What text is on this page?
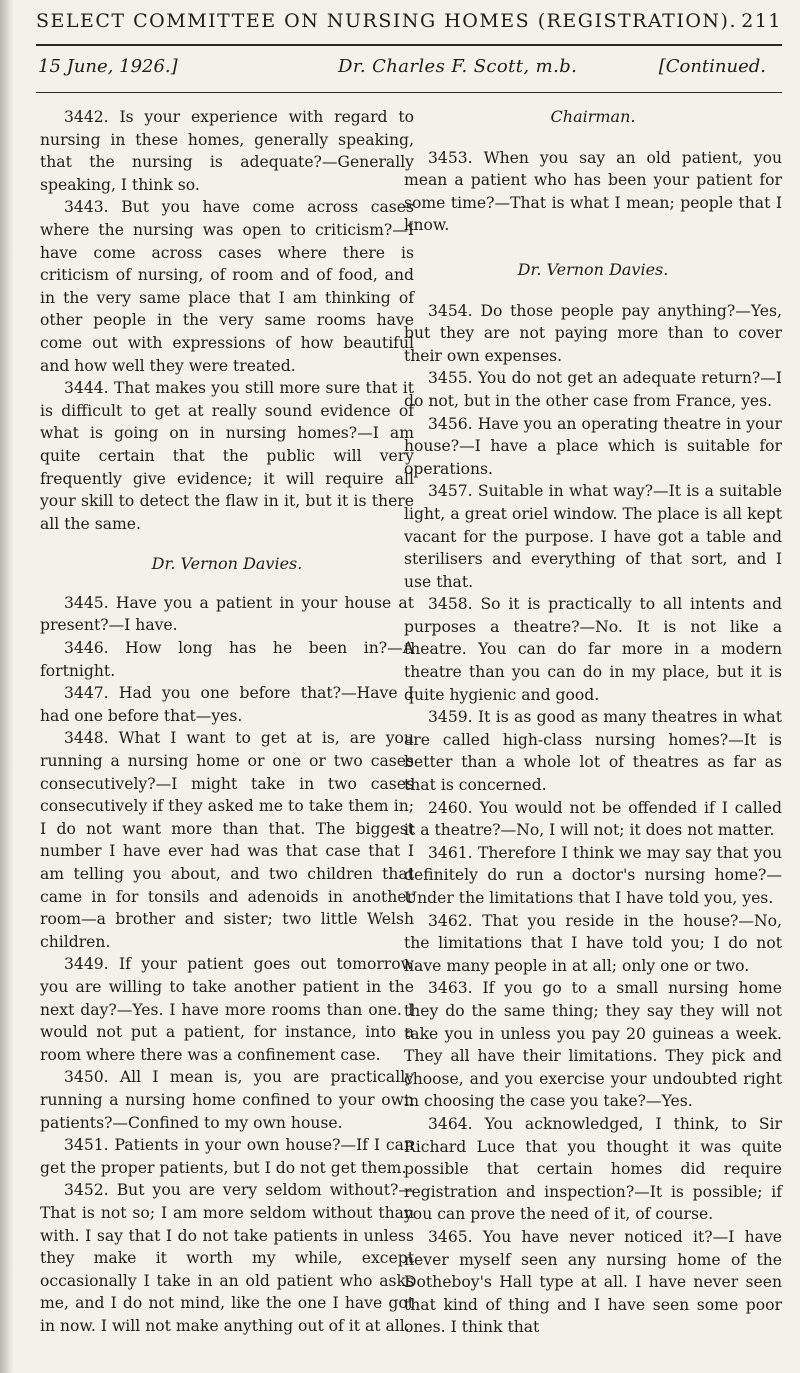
SELECT COMMITTEE ON NURSING HOMES (REGISTRATION). 211
15 June, 1926.]	Dr. Charles F. Scott, m.b.	[Continued.

3442. Is your experience with regard to nursing in these homes, generally speaking, that the nursing is adequate?—Generally speaking, I think so.

3443. But you have come across cases where the nursing was open to criticism?—I have come across cases where there is criticism of nursing, of room and of food, and in the very same place that I am thinking of other people in the very same rooms have come out with expressions of how beautiful and how well they were treated.

3444. That makes you still more sure that it is difficult to get at really sound evidence of what is going on in nursing homes?—I am quite certain that the public will very frequently give evidence; it will require all your skill to detect the flaw in it, but it is there all the same.

Dr. Vernon Davies.

3445. Have you a patient in your house at present?—I have.

3446. How long has he been in?—A fortnight.

3447. Had you one before that?—Have I had one before that—yes.

3448. What I want to get at is, are you running a nursing home or one or two cases consecutively?—I might take in two cases consecutively if they asked me to take them in; I do not want more than that. The biggest number I have ever had was that case that I am telling you about, and two children that came in for tonsils and adenoids in another room—a brother and sister; two little Welsh children.

3449. If your patient goes out tomorrow you are willing to take another patient in the next day?—Yes. I have more rooms than one. I would not put a patient, for instance, into a room where there was a confinement case.

3450. All I mean is, you are practically running a nursing home confined to your own patients?—Confined to my own house.

3451. Patients in your own house?—If I can get the proper patients, but I do not get them.

3452. But you are very seldom without?—That is not so; I am more seldom without than with. I say that I do not take patients in unless they make it worth my while, except occasionally I take in an old patient who asks me, and I do not mind, like the one I have got in now. I will not make anything out of it at all.

Chairman.

3453. When you say an old patient, you mean a patient who has been your patient for some time?—That is what I mean; people that I know.

Dr. Vernon Davies.

3454. Do those people pay anything?—Yes, but they are not paying more than to cover their own expenses.

3455. You do not get an adequate return?—I do not, but in the other case from France, yes.

3456. Have you an operating theatre in your house?—I have a place which is suitable for operations.

3457. Suitable in what way?—It is a suitable light, a great oriel window. The place is all kept vacant for the purpose. I have got a table and sterilisers and everything of that sort, and I use that.

3458. So it is practically to all intents and purposes a theatre?—No. It is not like a theatre. You can do far more in a modern theatre than you can do in my place, but it is quite hygienic and good.

3459. It is as good as many theatres in what are called high-class nursing homes?—It is better than a whole lot of theatres as far as that is concerned.

2460. You would not be offended if I called it a theatre?—No, I will not; it does not matter.

3461. Therefore I think we may say that you definitely do run a doctor's nursing home?—Under the limitations that I have told you, yes.

3462. That you reside in the house?—No, the limitations that I have told you; I do not have many people in at all; only one or two.

3463. If you go to a small nursing home they do the same thing; they say they will not take you in unless you pay 20 guineas a week. They all have their limitations. They pick and choose, and you exercise your undoubted right in choosing the case you take?—Yes.

3464. You acknowledged, I think, to Sir Richard Luce that you thought it was quite possible that certain homes did require registration and inspection?—It is possible; if you can prove the need of it, of course.

3465. You have never noticed it?—I have never myself seen any nursing home of the Dotheboy's Hall type at all. I have never seen that kind of thing and I have seen some poor ones. I think that
